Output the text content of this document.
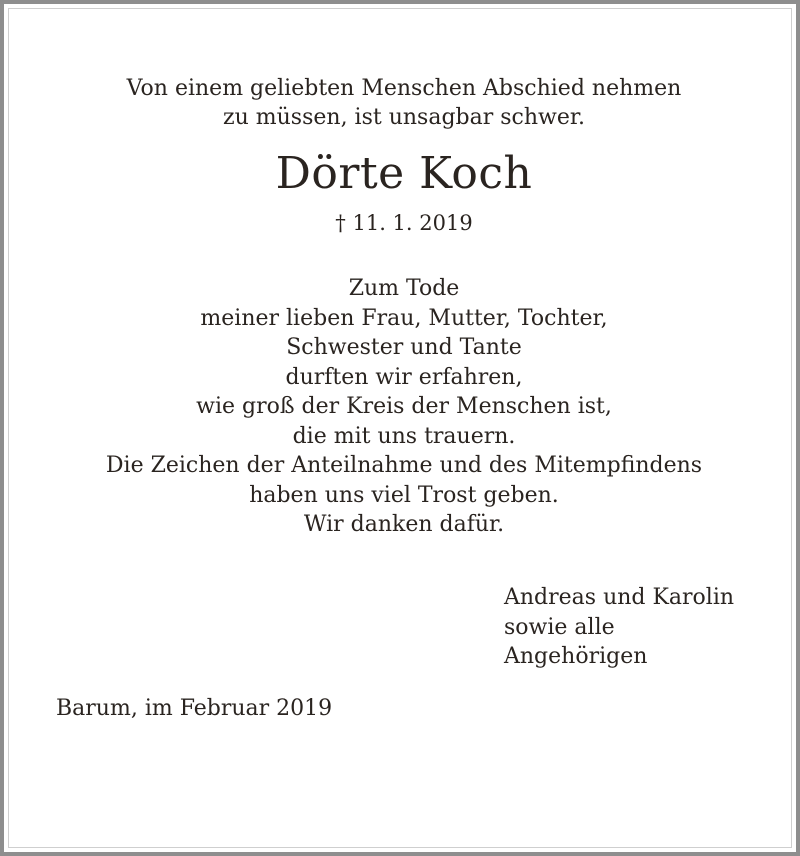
Von einem geliebten Menschen Abschied nehmen
zu müssen, ist unsagbar schwer.
Dörte Koch
† 11. 1. 2019
Zum Tode
meiner lieben Frau, Mutter, Tochter,
Schwester und Tante
durften wir erfahren,
wie groß der Kreis der Menschen ist,
die mit uns trauern.
Die Zeichen der Anteilnahme und des Mitempfindens
haben uns viel Trost geben.
Wir danken dafür.
Andreas und Karolin
sowie alle
Angehörigen
Barum, im Februar 2019
